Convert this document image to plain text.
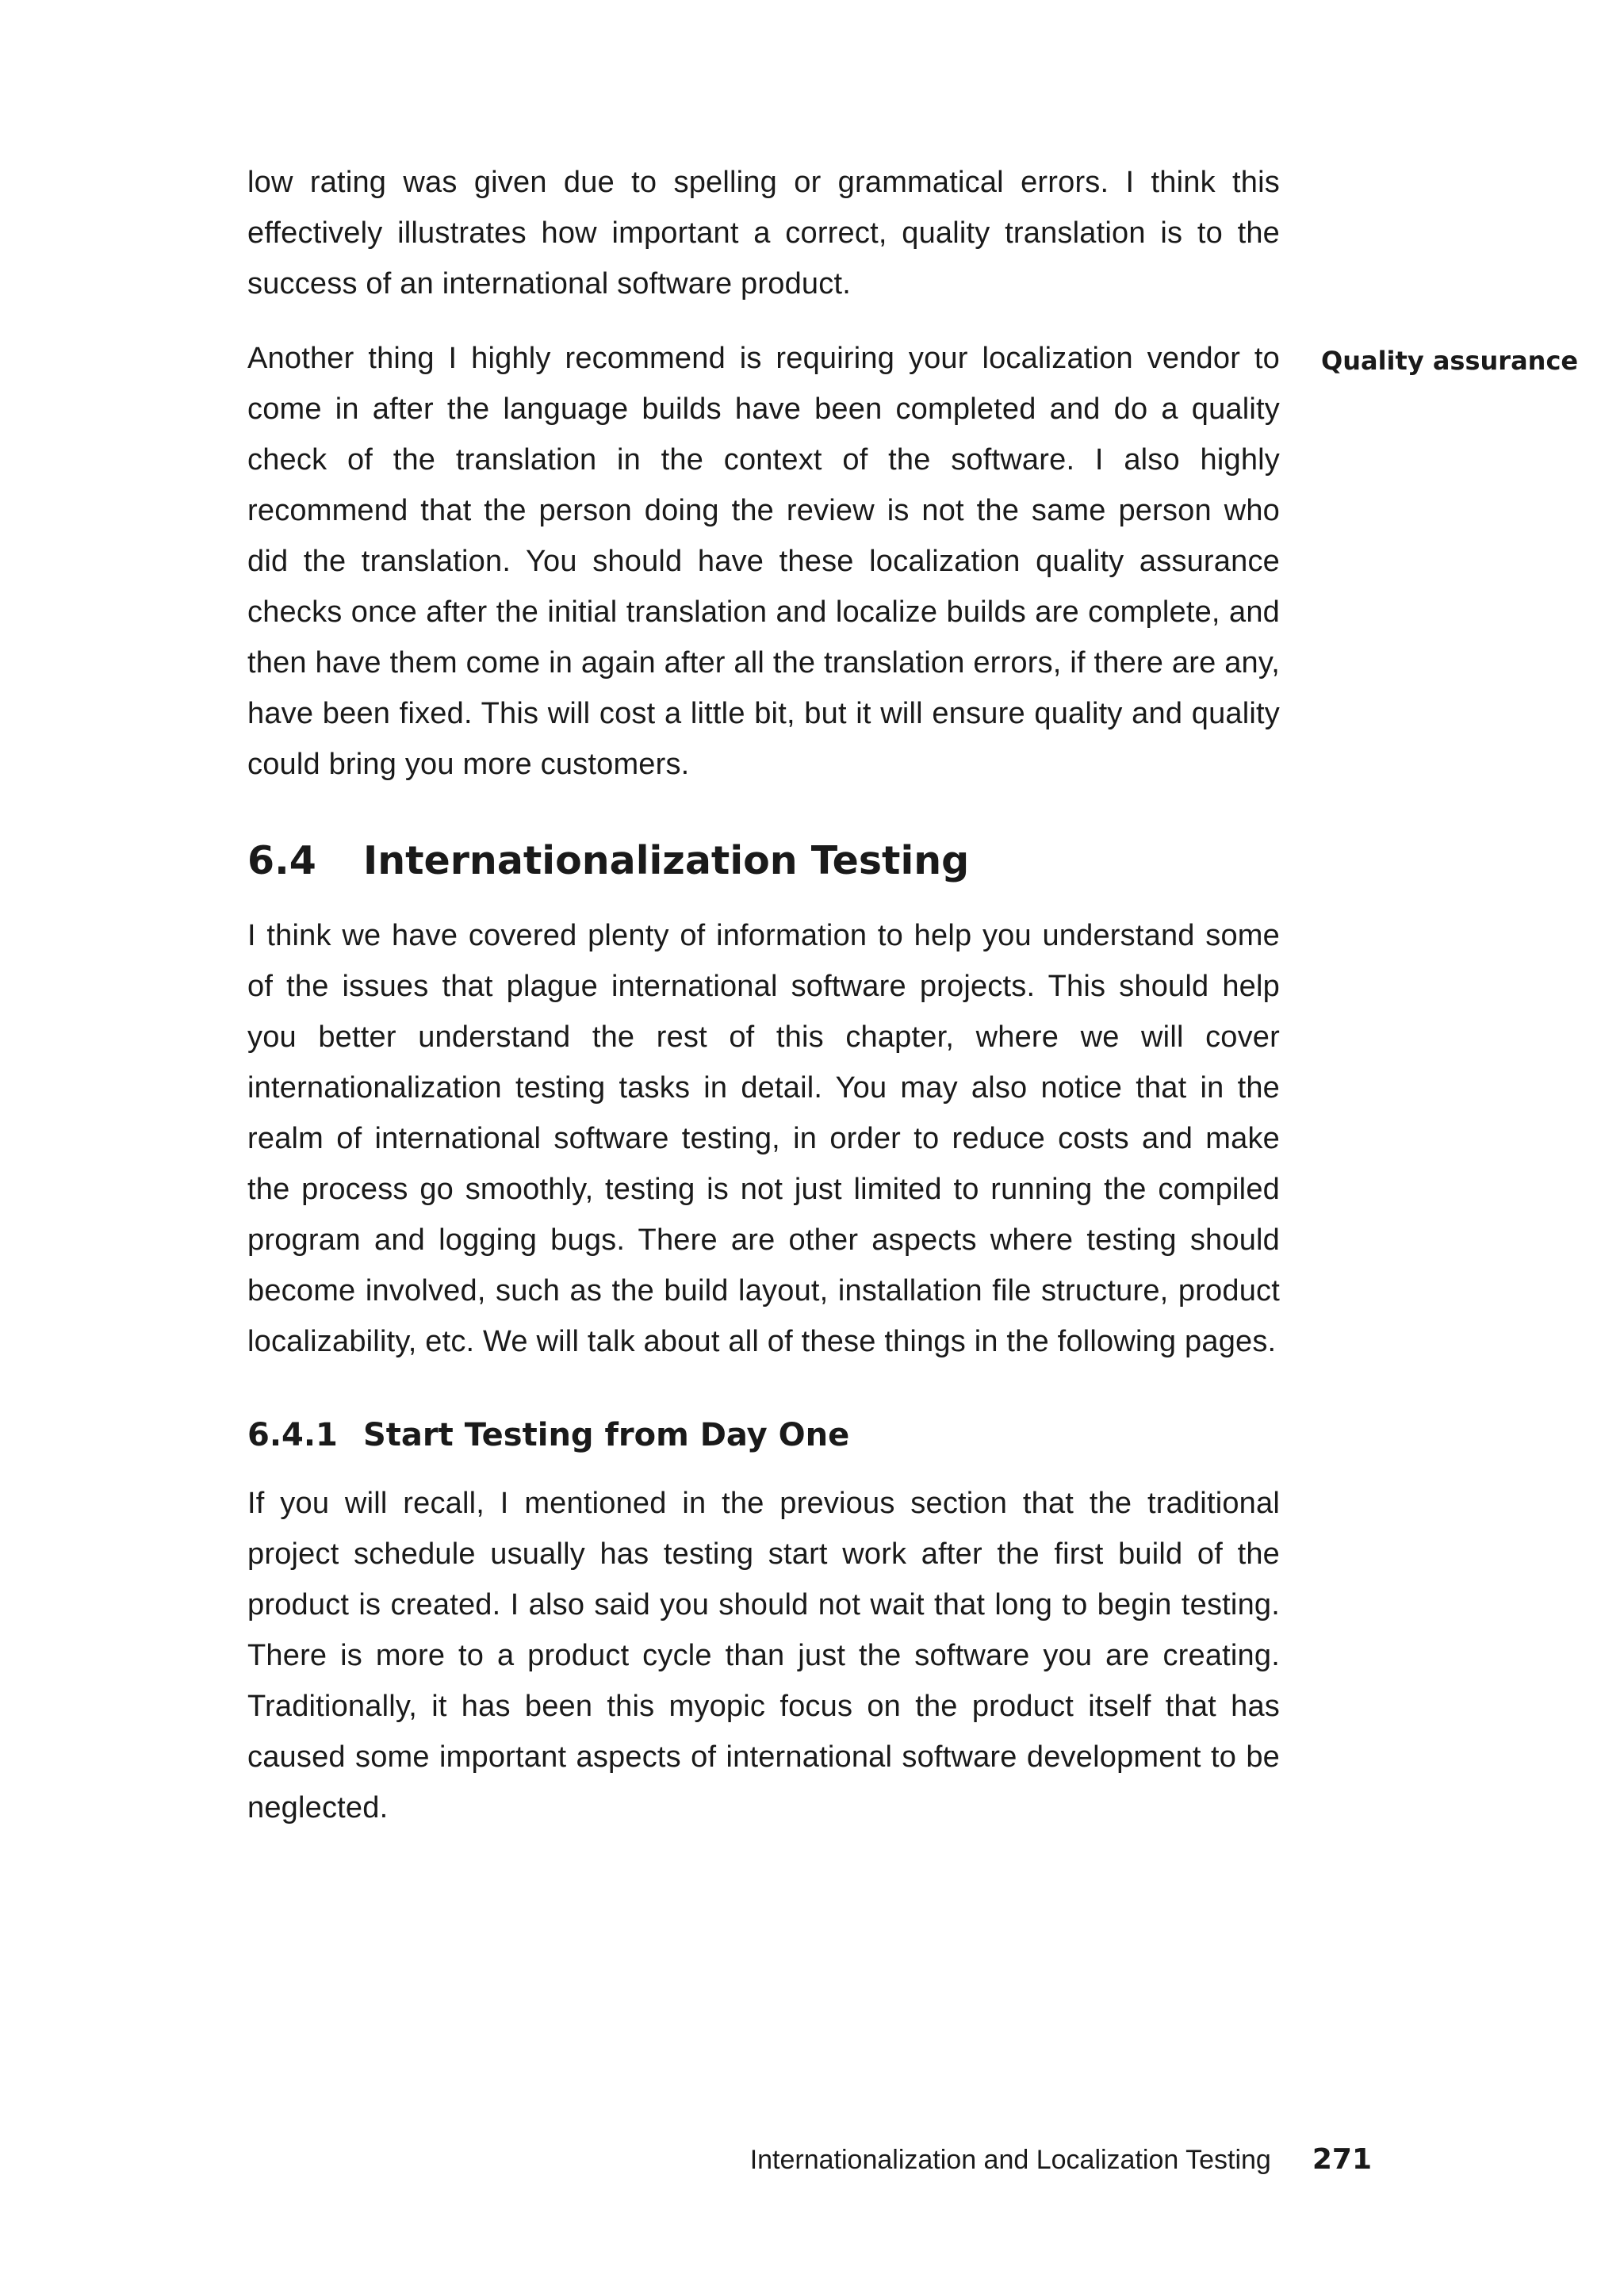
low rating was given due to spelling or grammatical errors. I think this effectively illustrates how important a correct, quality translation is to the success of an international software product.

Another thing I highly recommend is requiring your localization vendor to come in after the language builds have been completed and do a quality check of the translation in the context of the software. I also highly recommend that the person doing the review is not the same person who did the translation. You should have these localization quality assurance checks once after the initial translation and localize builds are complete, and then have them come in again after all the translation errors, if there are any, have been fixed. This will cost a little bit, but it will ensure quality and quality could bring you more customers.

6.4	Internationalization Testing

I think we have covered plenty of information to help you understand some of the issues that plague international software projects. This should help you better understand the rest of this chapter, where we will cover internationalization testing tasks in detail. You may also notice that in the realm of international software testing, in order to reduce costs and make the process go smoothly, testing is not just limited to running the compiled program and logging bugs. There are other aspects where testing should become involved, such as the build layout, installation file structure, product localizability, etc. We will talk about all of these things in the following pages.

6.4.1 Start Testing from Day One

If you will recall, I mentioned in the previous section that the traditional project schedule usually has testing start work after the first build of the product is created. I also said you should not wait that long to begin testing. There is more to a product cycle than just the software you are creating. Traditionally, it has been this myopic focus on the product itself that has caused some important aspects of international software development to be neglected.

Quality assurance
Internationalization and Localization Testing 271
